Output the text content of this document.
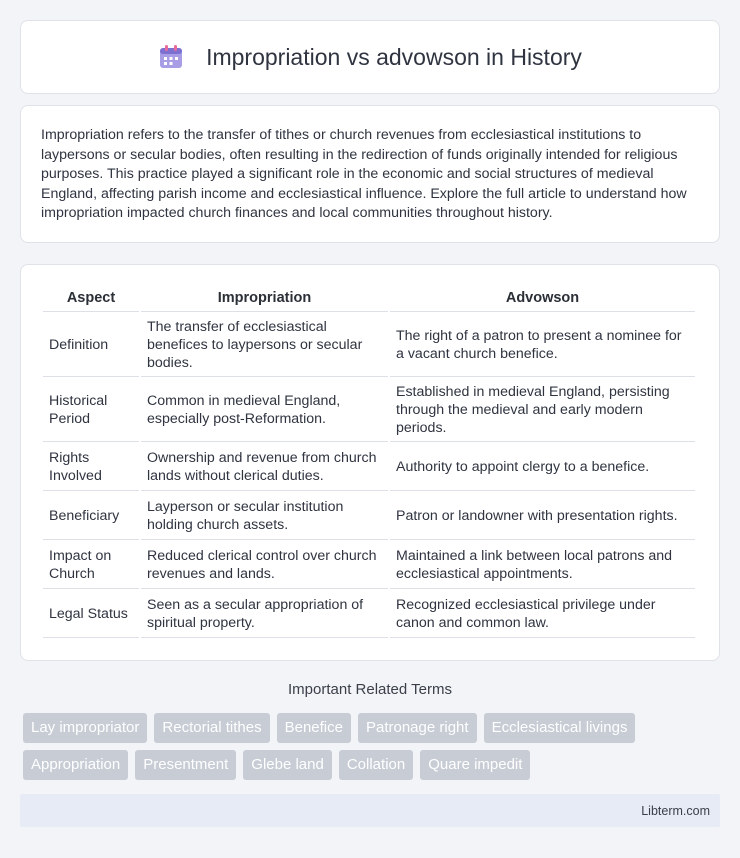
Impropriation vs advowson in History

Impropriation refers to the transfer of tithes or church revenues from ecclesiastical institutions to laypersons or secular bodies, often resulting in the redirection of funds originally intended for religious purposes. This practice played a significant role in the economic and social structures of medieval England, affecting parish income and ecclesiastical influence. Explore the full article to understand how impropriation impacted church finances and local communities throughout history.

Aspect	Impropriation	Advowson
Definition	The transfer of ecclesiastical benefices to laypersons or secular bodies.	The right of a patron to present a nominee for a vacant church benefice.
Historical Period	Common in medieval England, especially post-Reformation.	Established in medieval England, persisting through the medieval and early modern periods.
Rights Involved	Ownership and revenue from church lands without clerical duties.	Authority to appoint clergy to a benefice.
Beneficiary	Layperson or secular institution holding church assets.	Patron or landowner with presentation rights.
Impact on Church	Reduced clerical control over church revenues and lands.	Maintained a link between local patrons and ecclesiastical appointments.
Legal Status	Seen as a secular appropriation of spiritual property.	Recognized ecclesiastical privilege under canon and common law.
Important Related Terms
Lay impropriator	Rectorial tithes	Benefice	Patronage right	Ecclesiastical livings
Appropriation	Presentment	Glebe land	Collation	Quare impedit
Libterm.com
